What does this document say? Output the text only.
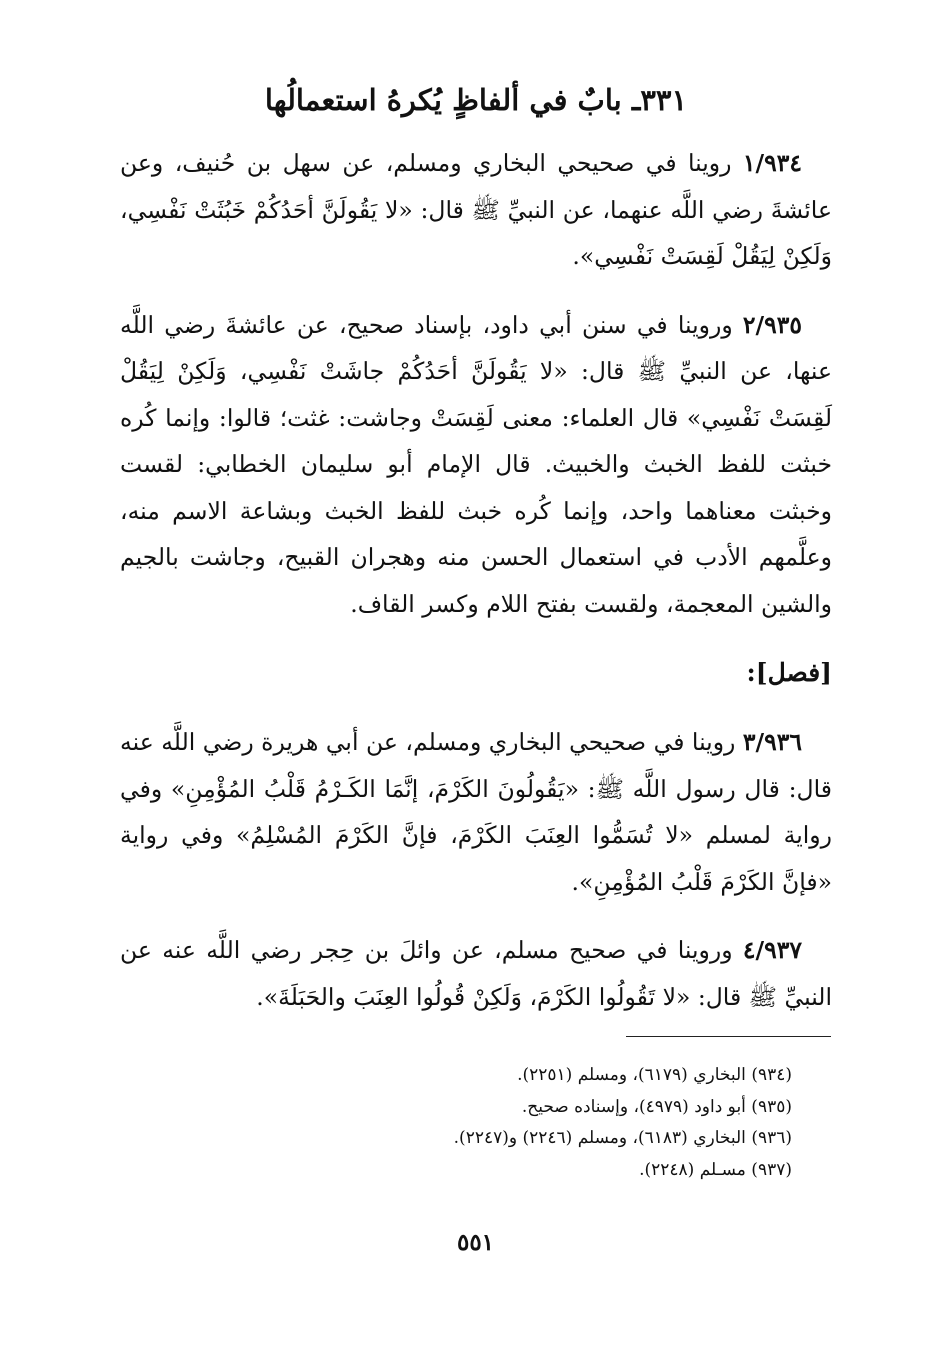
٣٣١ـ بابٌ في ألفاظٍ يُكرهُ استعمالُها

١/٩٣٤ روينا في صحيحي البخاري ومسلم، عن سهل بن حُنيف، وعن عائشةَ رضي اللَّه عنهما، عن النبيِّ ﷺ قال: «لا يَقُولَنَّ أحَدُكُمْ خَبُثَتْ نَفْسِي، وَلَكِنْ لِيَقُلْ لَقِسَتْ نَفْسِي».

٢/٩٣٥ وروينا في سنن أبي داود، بإسناد صحيح، عن عائشةَ رضي اللَّه عنها، عن النبيِّ ﷺ قال: «لا يَقُولَنَّ أحَدُكُمْ جاشَتْ نَفْسِي، وَلَكِنْ لِيَقُلْ لَقِسَتْ نَفْسِي» قال العلماء: معنى لَقِسَتْ وجاشت: غثت؛ قالوا: وإنما كُره خبثت للفظ الخبث والخبيث. قال الإمام أبو سليمان الخطابي: لقست وخبثت معناهما واحد، وإنما كُره خبث للفظ الخبث وبشاعة الاسم منه، وعلَّمهم الأدب في استعمال الحسن منه وهجران القبيح، وجاشت بالجيم والشين المعجمة، ولقست بفتح اللام وكسر القاف.

[فصل]:

٣/٩٣٦ روينا في صحيحي البخاري ومسلم، عن أبي هريرة رضي اللَّه عنه قال: قال رسول اللَّه ﷺ: «يَقُولُونَ الكَرْمَ، إنَّمَا الكَـرْمُ قَلْبُ المُؤْمِنِ» وفي رواية لمسلم «لا تُسَمُّوا العِنَبَ الكَرْمَ، فإنَّ الكَرْمَ المُسْلِمُ» وفي رواية «فإنَّ الكَرْمَ قَلْبُ المُؤْمِنِ».

٤/٩٣٧ وروينا في صحيح مسلم، عن وائلَ بن حِجر رضي اللَّه عنه عن النبيِّ ﷺ قال: «لا تَقُولُوا الكَرْمَ، وَلَكِنْ قُولُوا العِنَبَ والحَبَلَةَ».

(٩٣٤) البخاري (٦١٧٩)، ومسلم (٢٢٥١).

(٩٣٥) أبو داود (٤٩٧٩)، وإسناده صحيح.

(٩٣٦) البخاري (٦١٨٣)، ومسلم (٢٢٤٦) و(٢٢٤٧).

(٩٣٧) مسـلم (٢٢٤٨).

٥٥١
